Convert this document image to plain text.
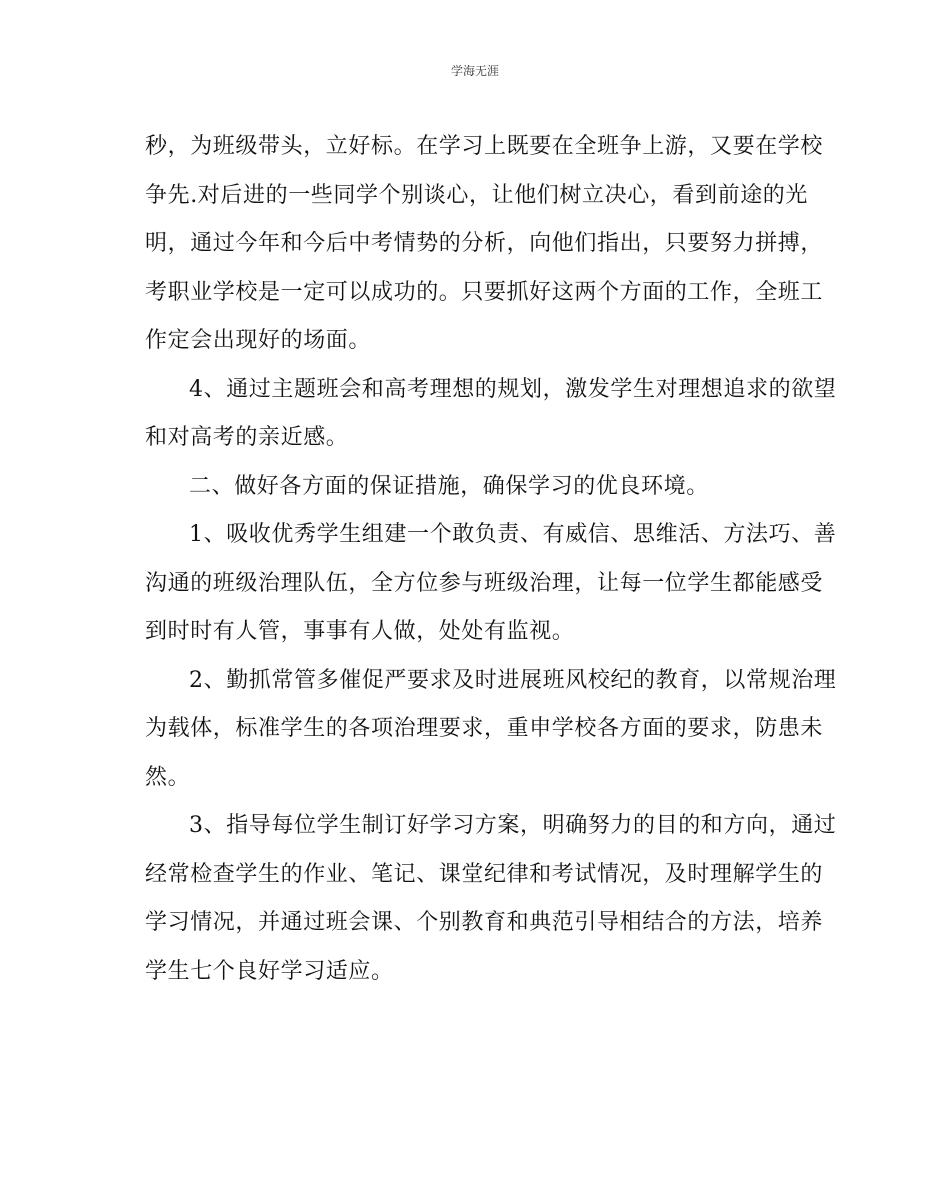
学海无涯

秒，为班级带头，立好标。在学习上既要在全班争上游，又要在学校
争先.对后进的一些同学个别谈心，让他们树立决心，看到前途的光
明，通过今年和今后中考情势的分析，向他们指出，只要努力拼搏，
考职业学校是一定可以成功的。只要抓好这两个方面的工作，全班工
作定会出现好的场面。

4、通过主题班会和高考理想的规划，激发学生对理想追求的欲望
和对高考的亲近感。

二、做好各方面的保证措施，确保学习的优良环境。

1、吸收优秀学生组建一个敢负责、有威信、思维活、方法巧、善
沟通的班级治理队伍，全方位参与班级治理，让每一位学生都能感受
到时时有人管，事事有人做，处处有监视。

2、勤抓常管多催促严要求及时进展班风校纪的教育，以常规治理
为载体，标准学生的各项治理要求，重申学校各方面的要求，防患未
然。

3、指导每位学生制订好学习方案，明确努力的目的和方向，通过
经常检查学生的作业、笔记、课堂纪律和考试情况，及时理解学生的
学习情况，并通过班会课、个别教育和典范引导相结合的方法，培养
学生七个良好学习适应。
